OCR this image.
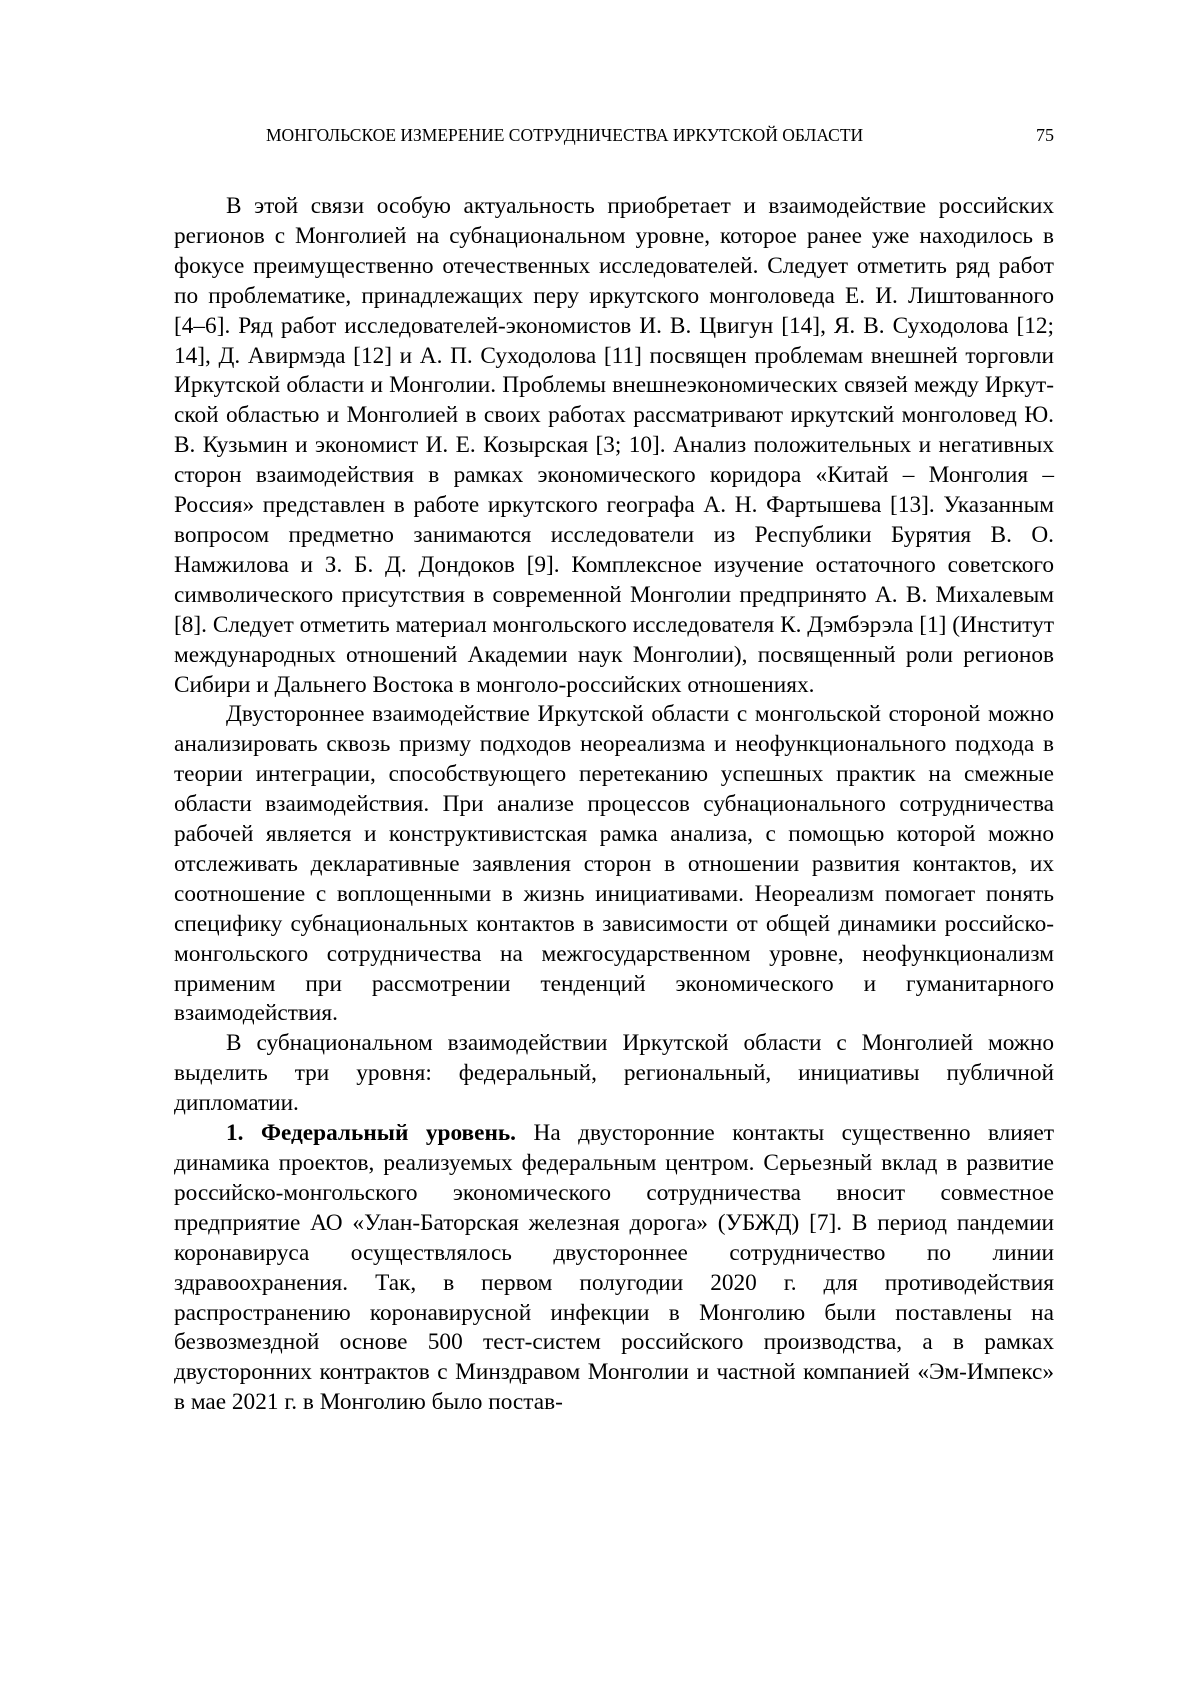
МОНГОЛЬСКОЕ ИЗМЕРЕНИЕ СОТРУДНИЧЕСТВА ИРКУТСКОЙ ОБЛАСТИ	75

В этой связи особую актуальность приобретает и взаимодействие российских регионов с Монголией на субнациональном уровне, которое ранее уже находилось в фокусе преимущественно отечественных исследователей. Следует отметить ряд работ по проблематике, принадлежащих перу иркутского монголоведа Е. И. Лиштованного [4–6]. Ряд работ исследователей-экономистов И. В. Цвигун [14], Я. В. Суходолова [12; 14], Д. Авирмэда [12] и А. П. Суходолова [11] посвящен проблемам внешней торговли Иркутской области и Монголии. Проблемы внешнеэкономических связей между Иркутской областью и Монголией в своих работах рассматривают иркутский монголовед Ю. В. Кузьмин и экономист И. Е. Козырская [3; 10]. Анализ положительных и негативных сторон взаимодействия в рамках экономического коридора «Китай – Монголия – Россия» представлен в работе иркутского географа А. Н. Фартышева [13]. Указанным вопросом предметно занимаются исследователи из Республики Бурятия В. О. Намжилова и З. Б. Д. Дондоков [9]. Комплексное изучение остаточного советского символического присутствия в современной Монголии предпринято А. В. Михалевым [8]. Следует отметить материал монгольского исследователя К. Дэмбэрэла [1] (Институт международных отношений Академии наук Монголии), посвященный роли регионов Сибири и Дальнего Востока в монголо-российских отношениях.

Двустороннее взаимодействие Иркутской области с монгольской стороной можно анализировать сквозь призму подходов неореализма и неофункционального подхода в теории интеграции, способствующего перетеканию успешных практик на смежные области взаимодействия. При анализе процессов субнационального сотрудничества рабочей является и конструктивистская рамка анализа, с помощью которой можно отслеживать декларативные заявления сторон в отношении развития контактов, их соотношение с воплощенными в жизнь инициативами. Неореализм помогает понять специфику субнациональных контактов в зависимости от общей динамики российско-монгольского сотрудничества на межгосударственном уровне, неофункционализм применим при рассмотрении тенденций экономического и гуманитарного взаимодействия.

В субнациональном взаимодействии Иркутской области с Монголией можно выделить три уровня: федеральный, региональный, инициативы публичной дипломатии.

1. Федеральный уровень. На двусторонние контакты существенно влияет динамика проектов, реализуемых федеральным центром. Серьезный вклад в развитие российско-монгольского экономического сотрудничества вносит совместное предприятие АО «Улан-Баторская железная дорога» (УБЖД) [7]. В период пандемии коронавируса осуществлялось двустороннее сотрудничество по линии здравоохранения. Так, в первом полугодии 2020 г. для противодействия распространению коронавирусной инфекции в Монголию были поставлены на безвозмездной основе 500 тест-систем российского производства, а в рамках двусторонних контрактов с Минздравом Монголии и частной компанией «Эм-Импекс» в мае 2021 г. в Монголию было постав-
